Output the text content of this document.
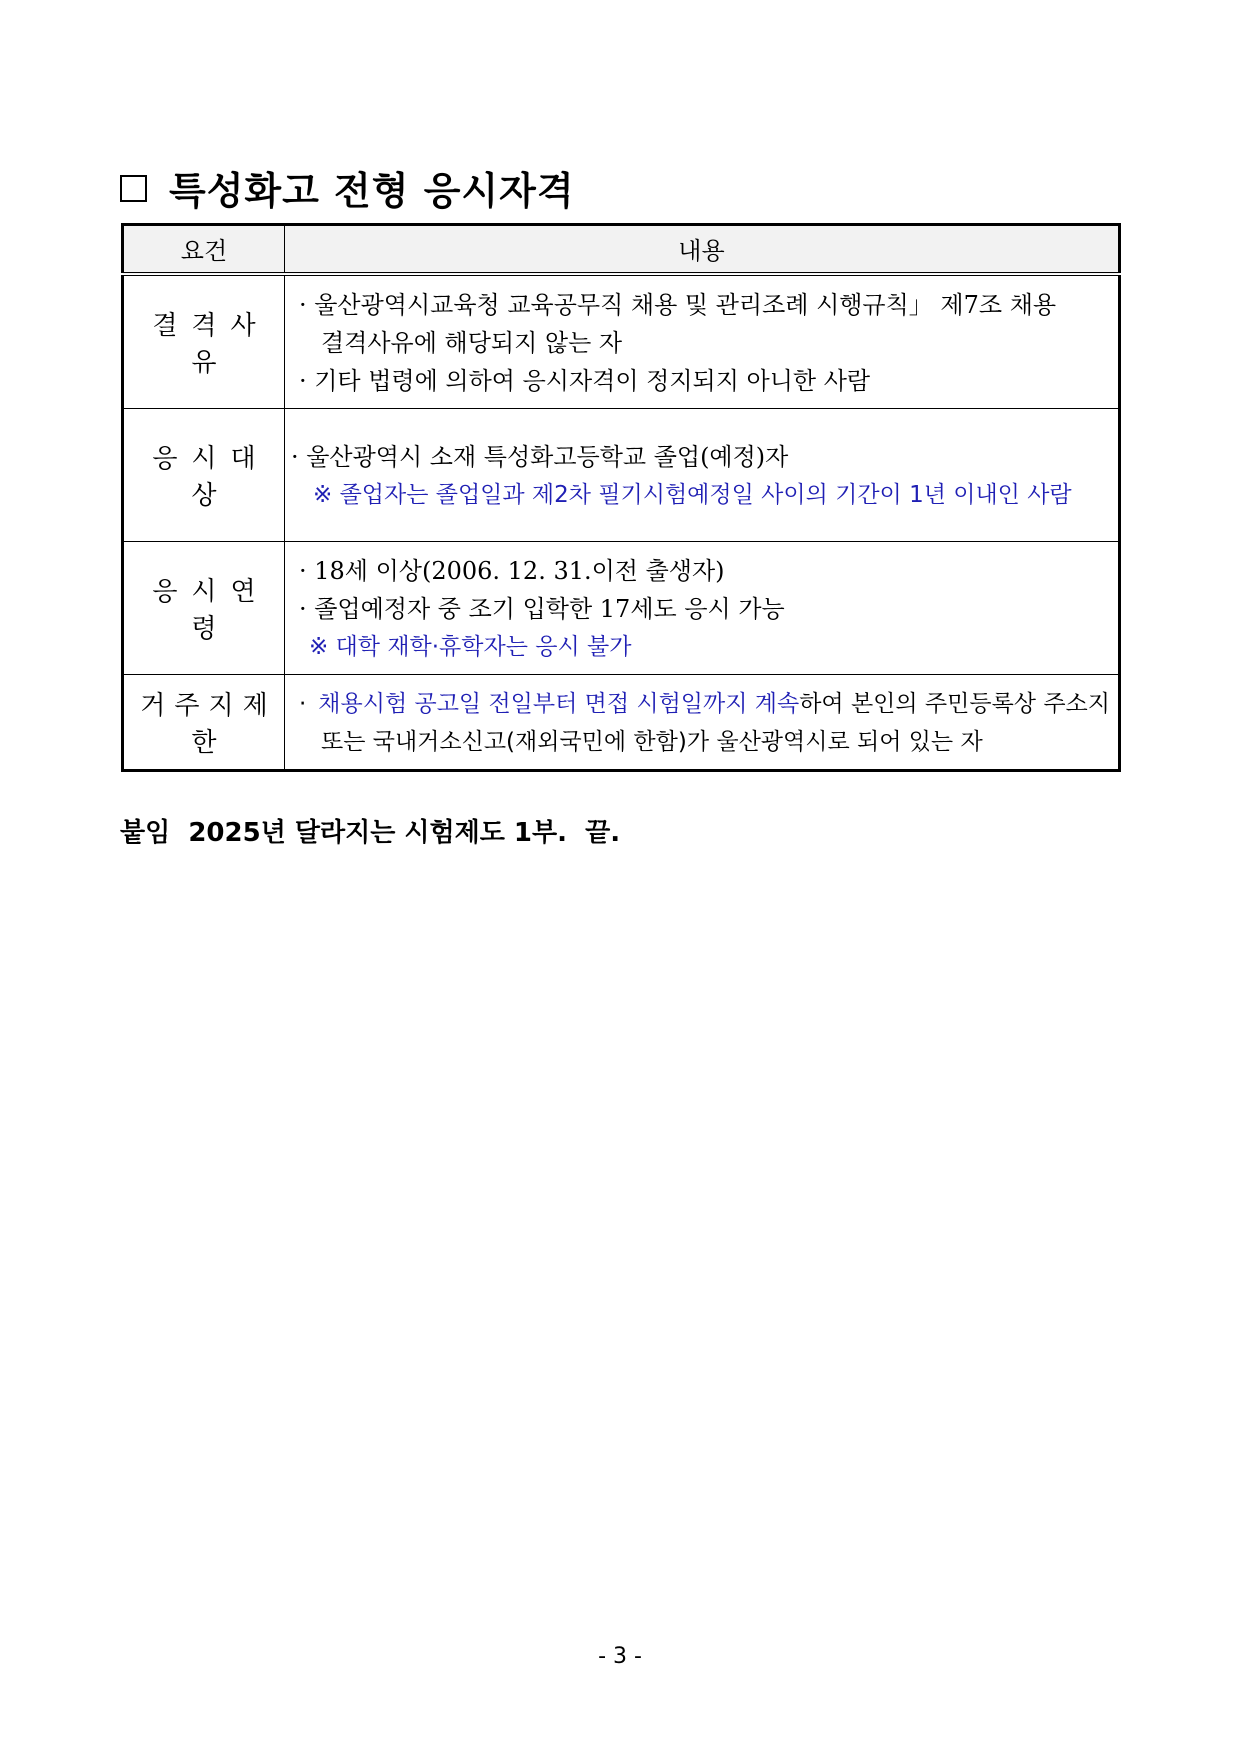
특성화고 전형 응시자격
요건	내용
결격사유	· 울산광역시교육청 교육공무직 채용 및 관리조례 시행규칙」 제7조 채용
결격사유에 해당되지 않는 자
· 기타 법령에 의하여 응시자격이 정지되지 아니한 사람

응시대상	· 울산광역시 소재 특성화고등학교 졸업(예정)자
※ 졸업자는 졸업일과 제2차 필기시험예정일 사이의 기간이 1년 이내인 사람

응시연령	· 18세 이상(2006. 12. 31.이전 출생자)
· 졸업예정자 중 조기 입학한 17세도 응시 가능
※ 대학 재학·휴학자는 응시 불가

거주지제한	· 채용시험 공고일 전일부터 면접 시험일까지 계속하여 본인의 주민등록상 주소지
또는 국내거소신고(재외국민에 한함)가 울산광역시로 되어 있는 자
붙임  2025년 달라지는 시험제도 1부.  끝.
- 3 -
